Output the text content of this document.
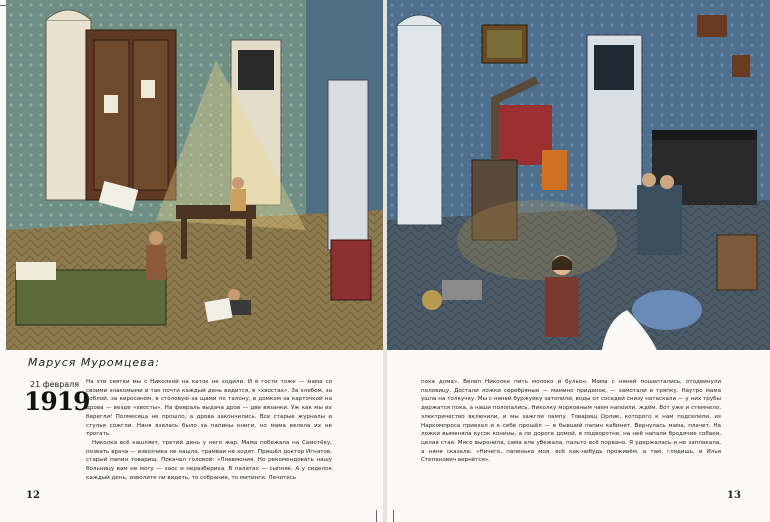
Маруся Муромцева:
21 февраля
1919

На эти святки мы с Николкой на каток не ходили. И в гости тоже — мама со своими знакомыми и так почти каждый день видится, в «хвостах». За хлебом, за воблой, за керосином, в столовую за щами по талону, в домком за карточкой на дрова — везде «хвосты». На февраль выдача дров — две вязанки. Уж как мы их берегли! Полмесяца не прошло, а дрова закончились. Все старые журналы и стулья сожгли. Няня взялась было за папины книги, но мама велела их не трогать.

Николка всё кашляет, третий день у него жар. Мама побежала на Самотёку, позвать врача — извозчика не нашла, трамваи не ходят. Пришёл доктор Игнатов, старый папин товарищ. Покачал головой: «Пневмония. Но рекомендовать нашу больницу вам не могу — хаос и неразбериха. В палатах — сыпняк. А у сиделок каждый день, изволите ли видеть, то собрание, то митинги. Лечитесь

12

пока дома». Велел Николке пить молоко и бульон. Мама с няней пошептались, отодвинули половицу. Достали ложки серебряные — мамино приданое, — замотали в тряпку. Наутро мама ушла на толкучку. Мы с няней буржуйку затопили, воды от соседей снизу натаскали — у них трубы держатся пока, а наши полопались. Николку морковным чаем напоили, ждём. Вот уже и стемнело, электричество включили, и мы зажгли лампу. Товарищ Орлик, которого к нам подселили, из Наркомпроса приехал и к себе прошёл — в бывший папин кабинет. Вернулась мама, плачет. На ложки выменяла кусок конины, а по дороге домой, в подворотне, на неё напали бродячие собаки, целая стая. Мясо выронила, сама еле убежала, пальто всё порвано. Я удержалась и не заплакала, а няня сказала: «Ничего, папенька моя, всё как-нибудь проживём, а там, глядишь, и Илья Степанович вернётся».

13
